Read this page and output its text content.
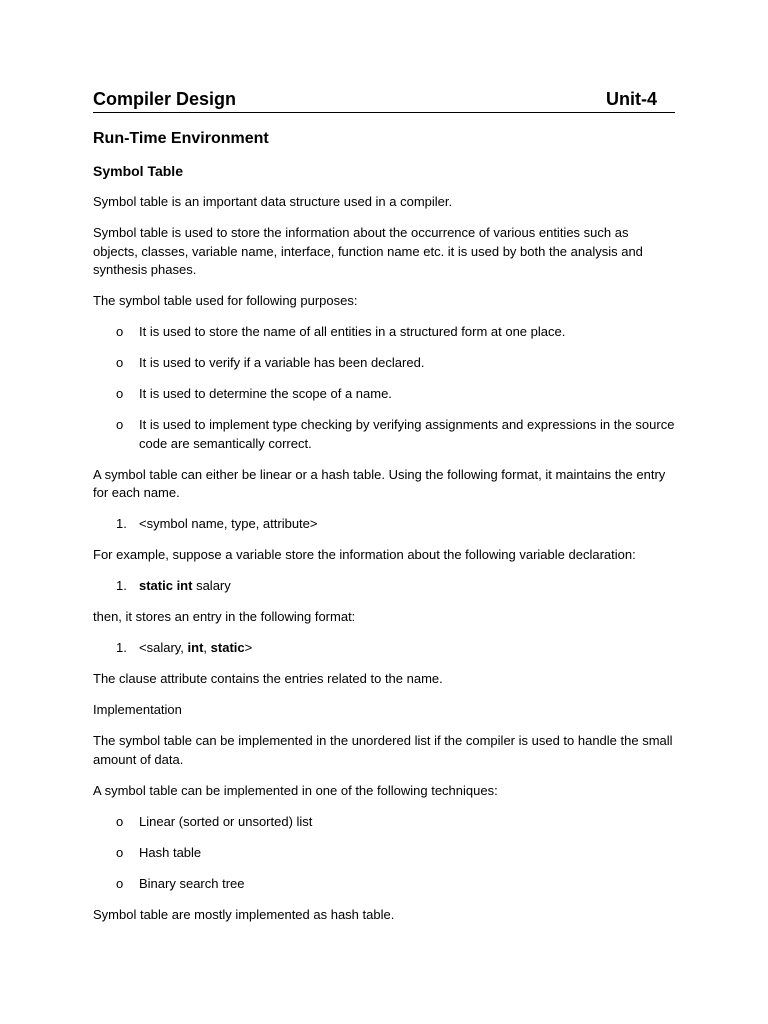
Compiler Design	Unit-4
Run-Time Environment
Symbol Table

Symbol table is an important data structure used in a compiler.

Symbol table is used to store the information about the occurrence of various entities such as objects, classes, variable name, interface, function name etc. it is used by both the analysis and synthesis phases.

The symbol table used for following purposes:

o It is used to store the name of all entities in a structured form at one place.
o It is used to verify if a variable has been declared.
o It is used to determine the scope of a name.
o It is used to implement type checking by verifying assignments and expressions in the source code are semantically correct.

A symbol table can either be linear or a hash table. Using the following format, it maintains the entry for each name.

1. <symbol name, type, attribute>

For example, suppose a variable store the information about the following variable declaration:

1. static int salary

then, it stores an entry in the following format:

1. <salary, int, static>

The clause attribute contains the entries related to the name.

Implementation

The symbol table can be implemented in the unordered list if the compiler is used to handle the small amount of data.

A symbol table can be implemented in one of the following techniques:

o Linear (sorted or unsorted) list
o Hash table
o Binary search tree

Symbol table are mostly implemented as hash table.
